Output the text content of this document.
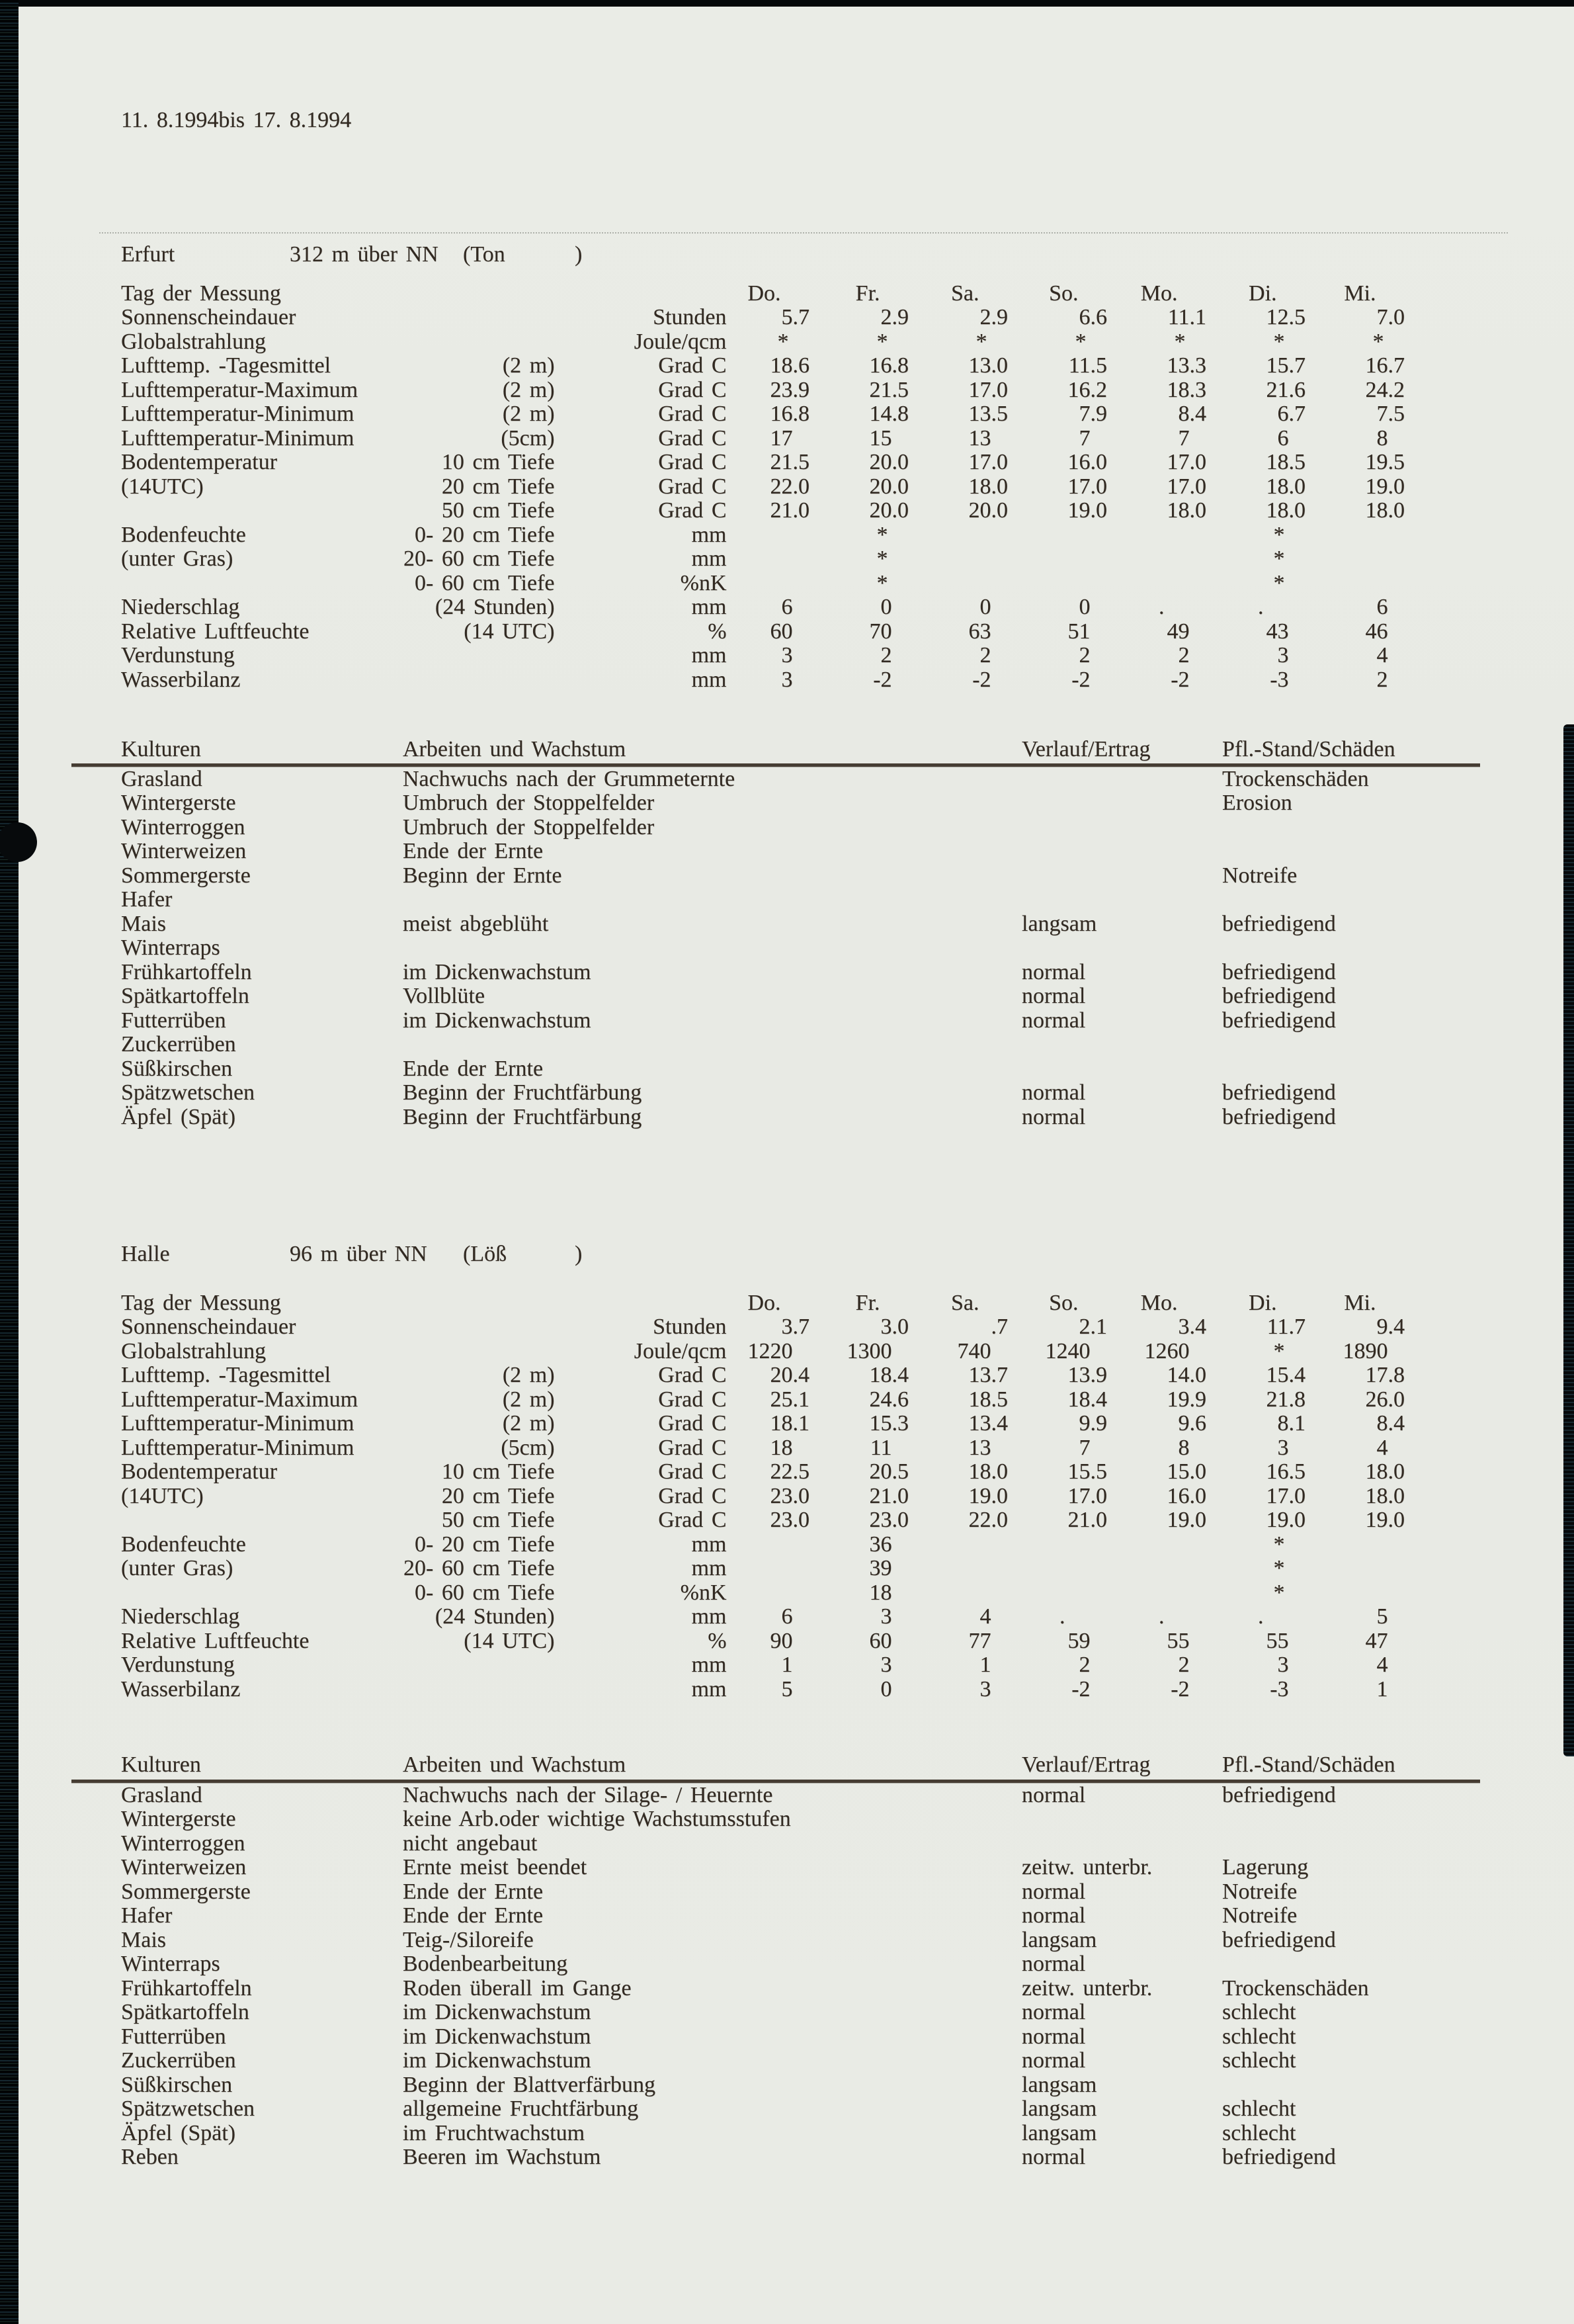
11. 8.1994bis 17. 8.1994
Erfurt	312 m über NN (Ton	)
Tag der Messung			Do.	Fr.	Sa.	So.	Mo.	Di.	Mi.
Sonnenscheindauer		Stunden	5.7	2.9	2.9	6.6	11.1	12.5	7.0
Globalstrahlung		Joule/qcm	*	*	*	*	*	*	*
Lufttemp. -Tagesmittel	(2 m)	Grad C	18.6	16.8	13.0	11.5	13.3	15.7	16.7
Lufttemperatur-Maximum	(2 m)	Grad C	23.9	21.5	17.0	16.2	18.3	21.6	24.2
Lufttemperatur-Minimum	(2 m)	Grad C	16.8	14.8	13.5	7.9	8.4	6.7	7.5
Lufttemperatur-Minimum	(5cm)	Grad C	17	15	13	7	7	6	8
Bodentemperatur	10 cm Tiefe	Grad C	21.5	20.0	17.0	16.0	17.0	18.5	19.5
(14UTC)	20 cm Tiefe	Grad C	22.0	20.0	18.0	17.0	17.0	18.0	19.0
	50 cm Tiefe	Grad C	21.0	20.0	20.0	19.0	18.0	18.0	18.0
Bodenfeuchte	0- 20 cm Tiefe	mm		*				*	
(unter Gras)	20- 60 cm Tiefe	mm		*				*	
	0- 60 cm Tiefe	%nK		*				*	
Niederschlag	(24 Stunden)	mm	6	0	0	0	.	.	6
Relative Luftfeuchte	(14 UTC)	%	60	70	63	51	49	43	46
Verdunstung		mm	3	2	2	2	2	3	4
Wasserbilanz		mm	3	-2	-2	-2	-2	-3	2
Kulturen	Arbeiten und Wachstum	Verlauf/Ertrag	Pfl.-Stand/Schäden
Grasland	Nachwuchs nach der Grummeternte		Trockenschäden
Wintergerste	Umbruch der Stoppelfelder		Erosion
Winterroggen	Umbruch der Stoppelfelder		
Winterweizen	Ende der Ernte		
Sommergerste	Beginn der Ernte		Notreife
Hafer			
Mais	meist abgeblüht	langsam	befriedigend
Winterraps			
Frühkartoffeln	im Dickenwachstum	normal	befriedigend
Spätkartoffeln	Vollblüte	normal	befriedigend
Futterrüben	im Dickenwachstum	normal	befriedigend
Zuckerrüben			
Süßkirschen	Ende der Ernte		
Spätzwetschen	Beginn der Fruchtfärbung	normal	befriedigend
Äpfel (Spät)	Beginn der Fruchtfärbung	normal	befriedigend
Halle	96 m über NN (Löß	)
Tag der Messung			Do.	Fr.	Sa.	So.	Mo.	Di.	Mi.
Sonnenscheindauer		Stunden	3.7	3.0	.7	2.1	3.4	11.7	9.4
Globalstrahlung		Joule/qcm	1220	1300	740	1240	1260	*	1890
Lufttemp. -Tagesmittel	(2 m)	Grad C	20.4	18.4	13.7	13.9	14.0	15.4	17.8
Lufttemperatur-Maximum	(2 m)	Grad C	25.1	24.6	18.5	18.4	19.9	21.8	26.0
Lufttemperatur-Minimum	(2 m)	Grad C	18.1	15.3	13.4	9.9	9.6	8.1	8.4
Lufttemperatur-Minimum	(5cm)	Grad C	18	11	13	7	8	3	4
Bodentemperatur	10 cm Tiefe	Grad C	22.5	20.5	18.0	15.5	15.0	16.5	18.0
(14UTC)	20 cm Tiefe	Grad C	23.0	21.0	19.0	17.0	16.0	17.0	18.0
	50 cm Tiefe	Grad C	23.0	23.0	22.0	21.0	19.0	19.0	19.0
Bodenfeuchte	0- 20 cm Tiefe	mm		36				*	
(unter Gras)	20- 60 cm Tiefe	mm		39				*	
	0- 60 cm Tiefe	%nK		18				*	
Niederschlag	(24 Stunden)	mm	6	3	4	.	.	.	5
Relative Luftfeuchte	(14 UTC)	%	90	60	77	59	55	55	47
Verdunstung		mm	1	3	1	2	2	3	4
Wasserbilanz		mm	5	0	3	-2	-2	-3	1
Kulturen	Arbeiten und Wachstum	Verlauf/Ertrag	Pfl.-Stand/Schäden
Grasland	Nachwuchs nach der Silage- / Heuernte	normal	befriedigend
Wintergerste	keine Arb.oder wichtige Wachstumsstufen		
Winterroggen	nicht angebaut		
Winterweizen	Ernte meist beendet	zeitw. unterbr.	Lagerung
Sommergerste	Ende der Ernte	normal	Notreife
Hafer	Ende der Ernte	normal	Notreife
Mais	Teig-/Siloreife	langsam	befriedigend
Winterraps	Bodenbearbeitung	normal	
Frühkartoffeln	Roden überall im Gange	zeitw. unterbr.	Trockenschäden
Spätkartoffeln	im Dickenwachstum	normal	schlecht
Futterrüben	im Dickenwachstum	normal	schlecht
Zuckerrüben	im Dickenwachstum	normal	schlecht
Süßkirschen	Beginn der Blattverfärbung	langsam	
Spätzwetschen	allgemeine Fruchtfärbung	langsam	schlecht
Äpfel (Spät)	im Fruchtwachstum	langsam	schlecht
Reben	Beeren im Wachstum	normal	befriedigend
